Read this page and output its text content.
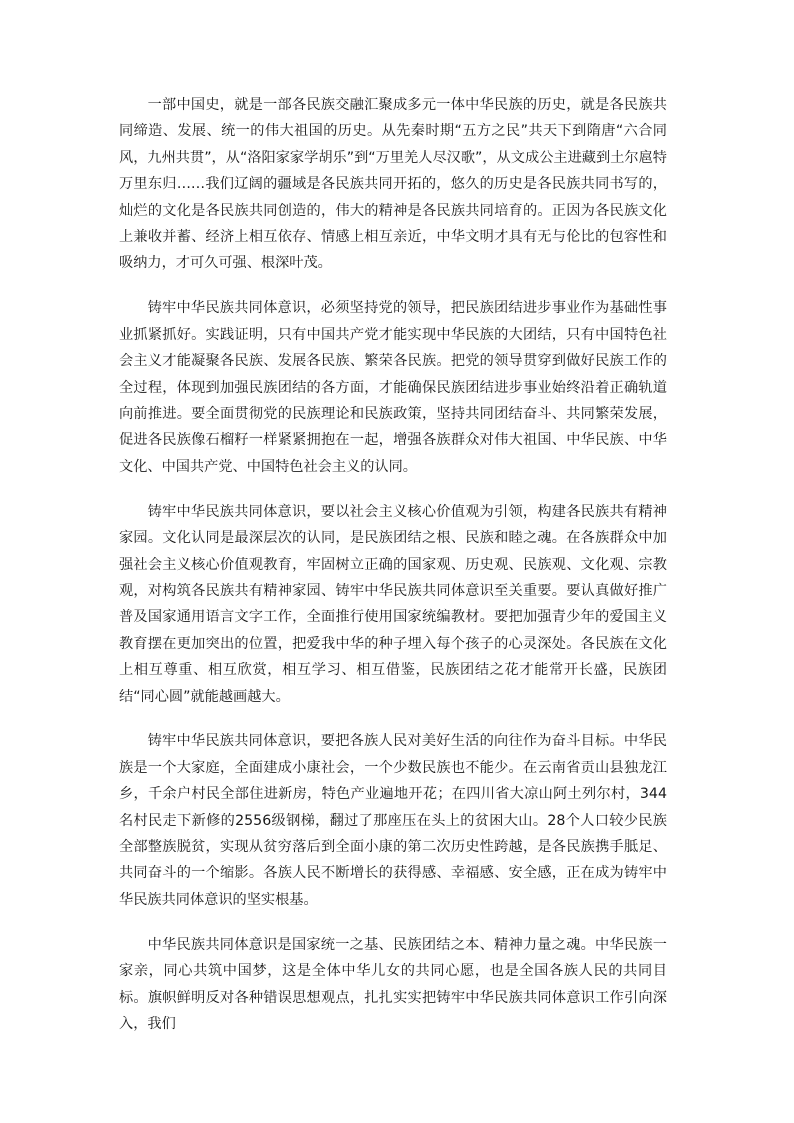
一部中国史，就是一部各民族交融汇聚成多元一体中华民族的历史，就是各民族共同缔造、发展、统一的伟大祖国的历史。从先秦时期“五方之民”共天下到隋唐“六合同风，九州共贯”，从“洛阳家家学胡乐”到“万里羌人尽汉歌”，从文成公主进藏到土尔扈特万里东归……我们辽阔的疆域是各民族共同开拓的，悠久的历史是各民族共同书写的，灿烂的文化是各民族共同创造的，伟大的精神是各民族共同培育的。正因为各民族文化上兼收并蓄、经济上相互依存、情感上相互亲近，中华文明才具有无与伦比的包容性和吸纳力，才可久可强、根深叶茂。

铸牢中华民族共同体意识，必须坚持党的领导，把民族团结进步事业作为基础性事业抓紧抓好。实践证明，只有中国共产党才能实现中华民族的大团结，只有中国特色社会主义才能凝聚各民族、发展各民族、繁荣各民族。把党的领导贯穿到做好民族工作的全过程，体现到加强民族团结的各方面，才能确保民族团结进步事业始终沿着正确轨道向前推进。要全面贯彻党的民族理论和民族政策，坚持共同团结奋斗、共同繁荣发展，促进各民族像石榴籽一样紧紧拥抱在一起，增强各族群众对伟大祖国、中华民族、中华文化、中国共产党、中国特色社会主义的认同。

铸牢中华民族共同体意识，要以社会主义核心价值观为引领，构建各民族共有精神家园。文化认同是最深层次的认同，是民族团结之根、民族和睦之魂。在各族群众中加强社会主义核心价值观教育，牢固树立正确的国家观、历史观、民族观、文化观、宗教观，对构筑各民族共有精神家园、铸牢中华民族共同体意识至关重要。要认真做好推广普及国家通用语言文字工作，全面推行使用国家统编教材。要把加强青少年的爱国主义教育摆在更加突出的位置，把爱我中华的种子埋入每个孩子的心灵深处。各民族在文化上相互尊重、相互欣赏，相互学习、相互借鉴，民族团结之花才能常开长盛，民族团结“同心圆”就能越画越大。

铸牢中华民族共同体意识，要把各族人民对美好生活的向往作为奋斗目标。中华民族是一个大家庭，全面建成小康社会，一个少数民族也不能少。在云南省贡山县独龙江乡，千余户村民全部住进新房，特色产业遍地开花；在四川省大凉山阿土列尔村，344名村民走下新修的2556级钢梯，翻过了那座压在头上的贫困大山。28个人口较少民族全部整族脱贫，实现从贫穷落后到全面小康的第二次历史性跨越，是各民族携手胝足、共同奋斗的一个缩影。各族人民不断增长的获得感、幸福感、安全感，正在成为铸牢中华民族共同体意识的坚实根基。

中华民族共同体意识是国家统一之基、民族团结之本、精神力量之魂。中华民族一家亲，同心共筑中国梦，这是全体中华儿女的共同心愿，也是全国各族人民的共同目标。旗帜鲜明反对各种错误思想观点，扎扎实实把铸牢中华民族共同体意识工作引向深入，我们
